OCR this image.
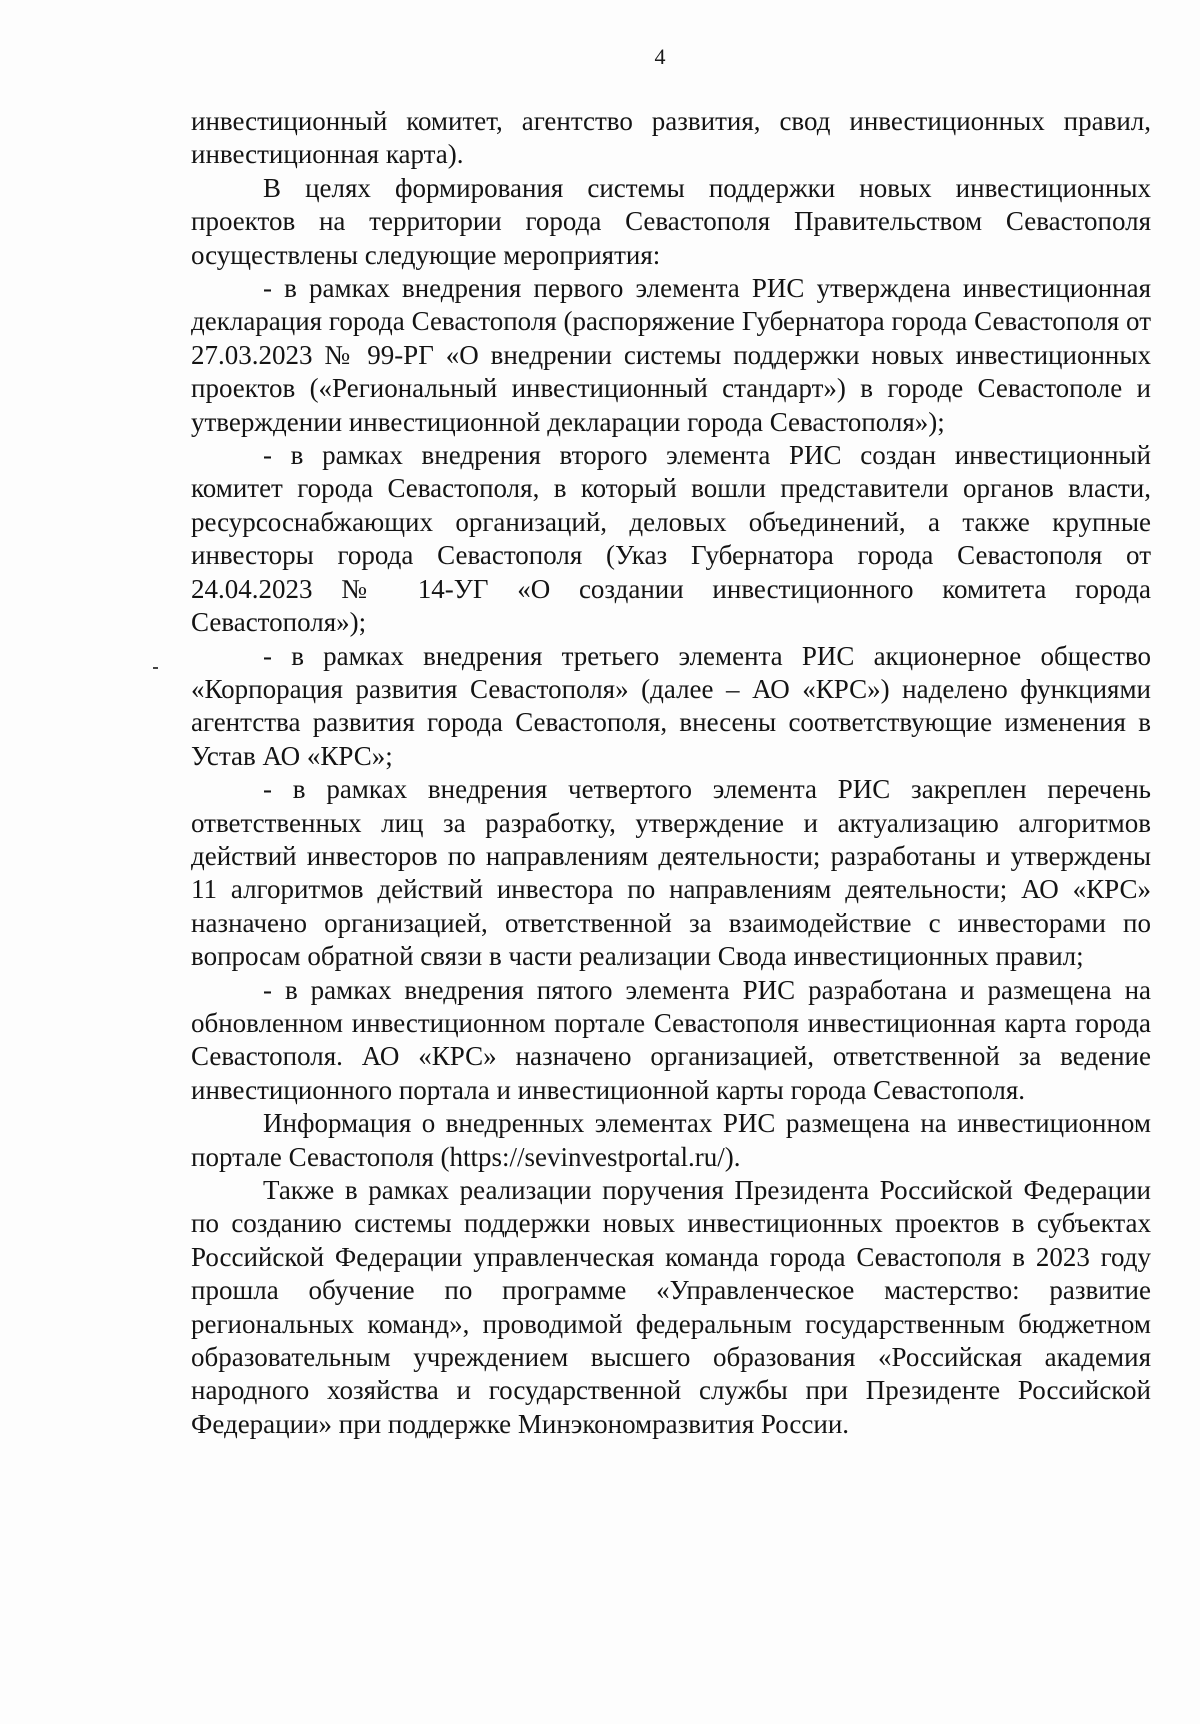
4

инвестиционный комитет, агентство развития, свод инвестиционных правил, инвестиционная карта).

В целях формирования системы поддержки новых инвестиционных проектов на территории города Севастополя Правительством Севастополя осуществлены следующие мероприятия:

- в рамках внедрения первого элемента РИС утверждена инвестиционная декларация города Севастополя (распоряжение Губернатора города Севастополя от 27.03.2023 № 99-РГ «О внедрении системы поддержки новых инвестиционных проектов («Региональный инвестиционный стандарт») в городе Севастополе и утверждении инвестиционной декларации города Севастополя»);

- в рамках внедрения второго элемента РИС создан инвестиционный комитет города Севастополя, в который вошли представители органов власти, ресурсоснабжающих организаций, деловых объединений, а также крупные инвесторы города Севастополя (Указ Губернатора города Севастополя от 24.04.2023 № 14-УГ «О создании инвестиционного комитета города Севастополя»);

- в рамках внедрения третьего элемента РИС акционерное общество «Корпорация развития Севастополя» (далее – АО «КРС») наделено функциями агентства развития города Севастополя, внесены соответствующие изменения в Устав АО «КРС»;

- в рамках внедрения четвертого элемента РИС закреплен перечень ответственных лиц за разработку, утверждение и актуализацию алгоритмов действий инвесторов по направлениям деятельности; разработаны и утверждены 11 алгоритмов действий инвестора по направлениям деятельности; АО «КРС» назначено организацией, ответственной за взаимодействие с инвесторами по вопросам обратной связи в части реализации Свода инвестиционных правил;

- в рамках внедрения пятого элемента РИС разработана и размещена на обновленном инвестиционном портале Севастополя инвестиционная карта города Севастополя. АО «КРС» назначено организацией, ответственной за ведение инвестиционного портала и инвестиционной карты города Севастополя.

Информация о внедренных элементах РИС размещена на инвестиционном портале Севастополя (https://sevinvestportal.ru/).

Также в рамках реализации поручения Президента Российской Федерации по созданию системы поддержки новых инвестиционных проектов в субъектах Российской Федерации управленческая команда города Севастополя в 2023 году прошла обучение по программе «Управленческое мастерство: развитие региональных команд», проводимой федеральным государственным бюджетном образовательным учреждением высшего образования «Российская академия народного хозяйства и государственной службы при Президенте Российской Федерации» при поддержке Минэкономразвития России.
